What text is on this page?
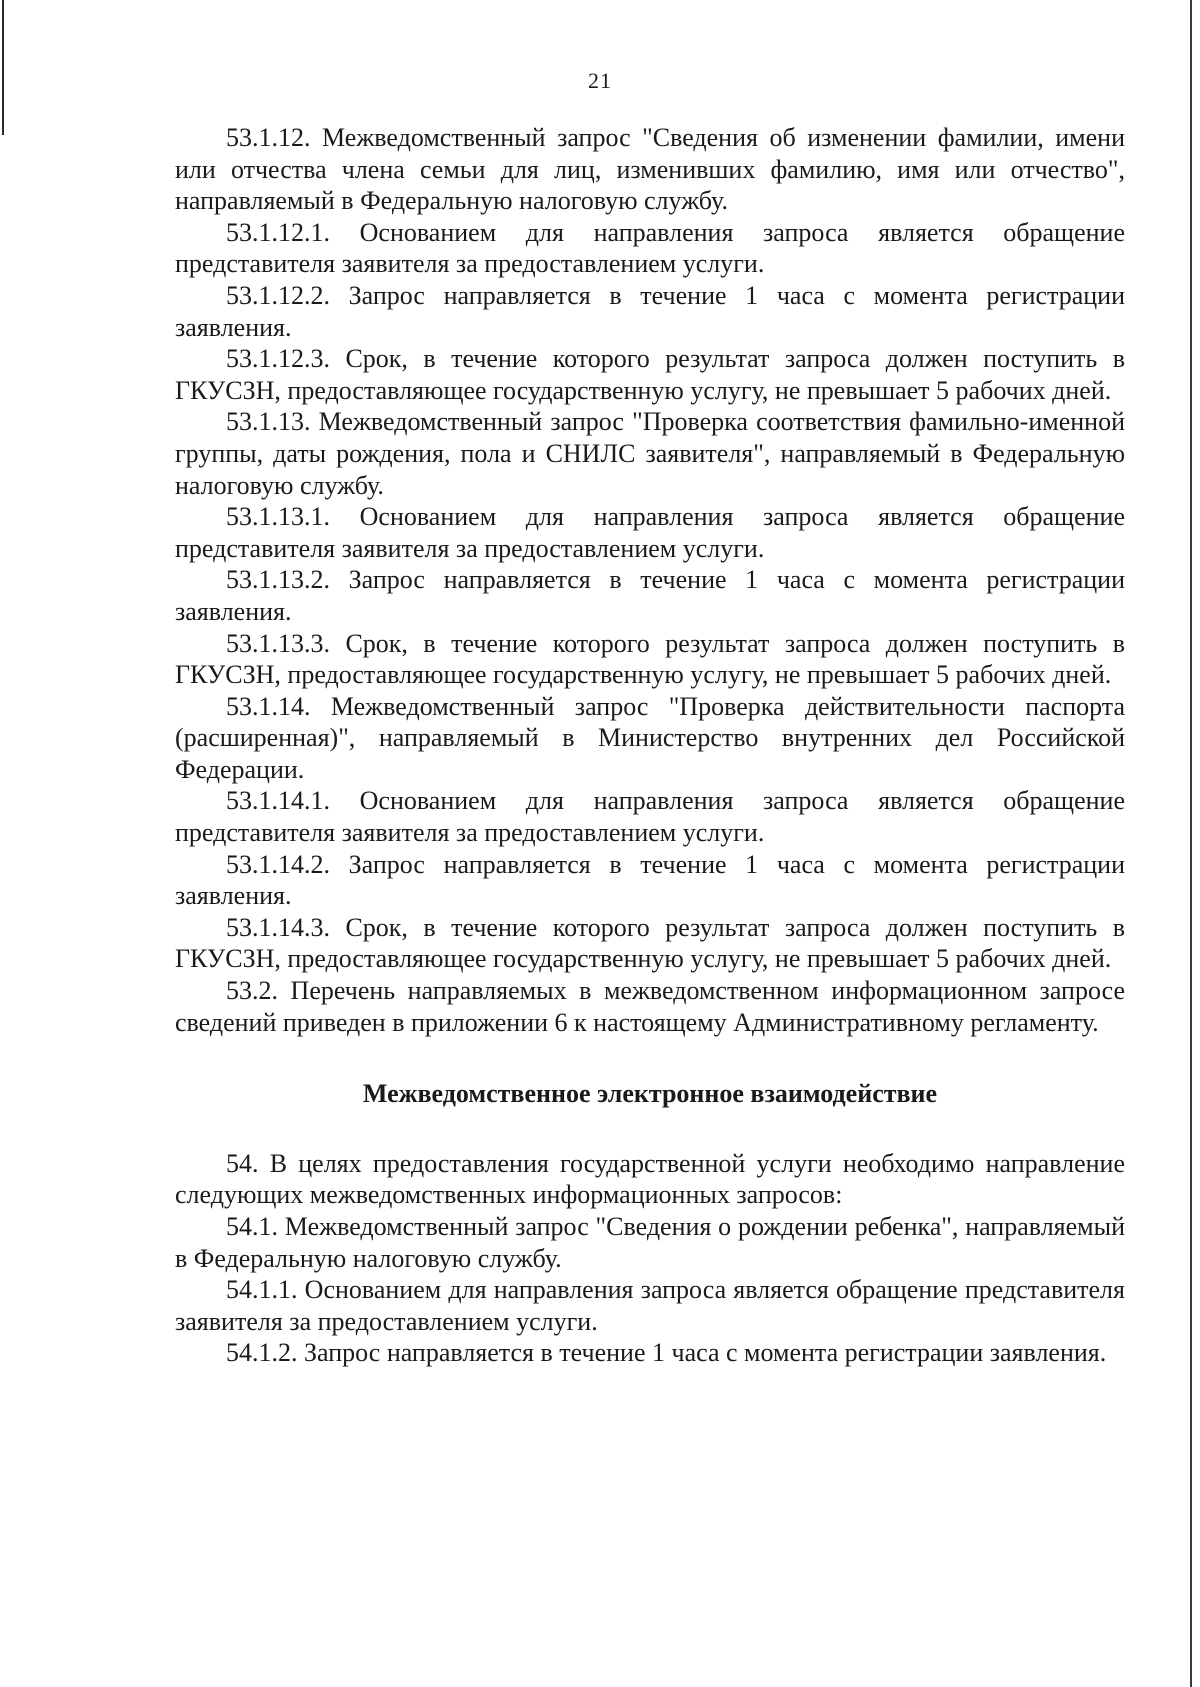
21

53.1.12. Межведомственный запрос "Сведения об изменении фамилии, имени или отчества члена семьи для лиц, изменивших фамилию, имя или отчество", направляемый в Федеральную налоговую службу.

53.1.12.1. Основанием для направления запроса является обращение представителя заявителя за предоставлением услуги.

53.1.12.2. Запрос направляется в течение 1 часа с момента регистрации заявления.

53.1.12.3. Срок, в течение которого результат запроса должен поступить в ГКУСЗН, предоставляющее государственную услугу, не превышает 5 рабочих дней.

53.1.13. Межведомственный запрос "Проверка соответствия фамильно-именной группы, даты рождения, пола и СНИЛС заявителя", направляемый в Федеральную налоговую службу.

53.1.13.1. Основанием для направления запроса является обращение представителя заявителя за предоставлением услуги.

53.1.13.2. Запрос направляется в течение 1 часа с момента регистрации заявления.

53.1.13.3. Срок, в течение которого результат запроса должен поступить в ГКУСЗН, предоставляющее государственную услугу, не превышает 5 рабочих дней.

53.1.14. Межведомственный запрос "Проверка действительности паспорта (расширенная)", направляемый в Министерство внутренних дел Российской Федерации.

53.1.14.1. Основанием для направления запроса является обращение представителя заявителя за предоставлением услуги.

53.1.14.2. Запрос направляется в течение 1 часа с момента регистрации заявления.

53.1.14.3. Срок, в течение которого результат запроса должен поступить в ГКУСЗН, предоставляющее государственную услугу, не превышает 5 рабочих дней.

53.2. Перечень направляемых в межведомственном информационном запросе сведений приведен в приложении 6 к настоящему Административному регламенту.

Межведомственное электронное взаимодействие

54. В целях предоставления государственной услуги необходимо направление следующих межведомственных информационных запросов:

54.1. Межведомственный запрос "Сведения о рождении ребенка", направляемый в Федеральную налоговую службу.

54.1.1. Основанием для направления запроса является обращение представителя заявителя за предоставлением услуги.

54.1.2. Запрос направляется в течение 1 часа с момента регистрации заявления.
